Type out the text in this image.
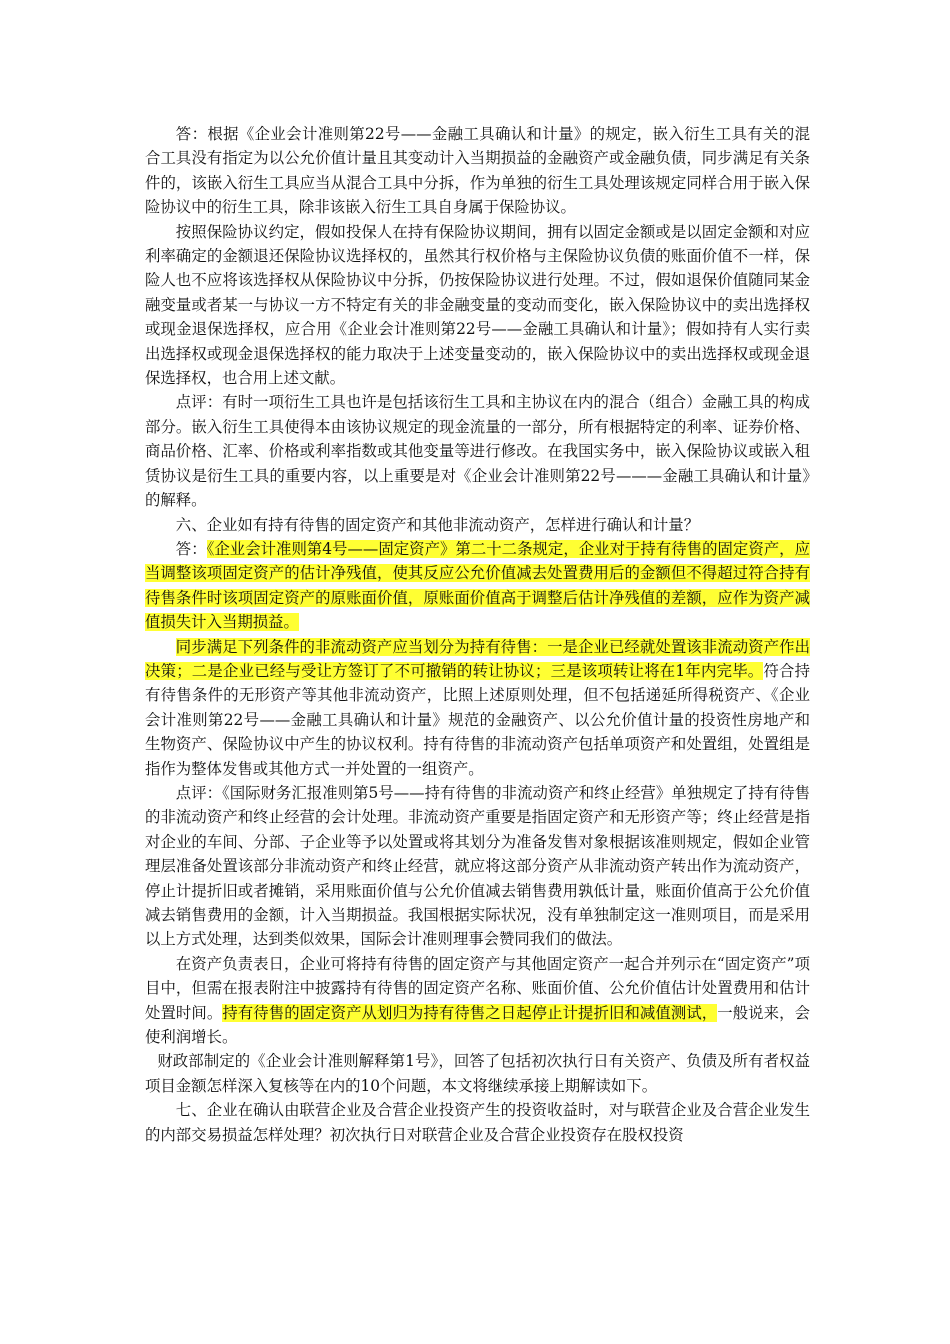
答：根据《企业会计准则第22号——金融工具确认和计量》的规定，嵌入衍生工具有关的混合工具没有指定为以公允价值计量且其变动计入当期损益的金融资产或金融负债，同步满足有关条件的，该嵌入衍生工具应当从混合工具中分拆，作为单独的衍生工具处理该规定同样合用于嵌入保险协议中的衍生工具，除非该嵌入衍生工具自身属于保险协议。

按照保险协议约定，假如投保人在持有保险协议期间，拥有以固定金额或是以固定金额和对应利率确定的金额退还保险协议选择权的，虽然其行权价格与主保险协议负债的账面价值不一样，保险人也不应将该选择权从保险协议中分拆，仍按保险协议进行处理。不过，假如退保价值随同某金融变量或者某一与协议一方不特定有关的非金融变量的变动而变化，嵌入保险协议中的卖出选择权或现金退保选择权，应合用《企业会计准则第22号——金融工具确认和计量》；假如持有人实行卖出选择权或现金退保选择权的能力取决于上述变量变动的，嵌入保险协议中的卖出选择权或现金退保选择权，也合用上述文献。

点评：有时一项衍生工具也许是包括该衍生工具和主协议在内的混合（组合）金融工具的构成部分。嵌入衍生工具使得本由该协议规定的现金流量的一部分，所有根据特定的利率、证券价格、商品价格、汇率、价格或利率指数或其他变量等进行修改。在我国实务中，嵌入保险协议或嵌入租赁协议是衍生工具的重要内容，以上重要是对《企业会计准则第22号———金融工具确认和计量》的解释。

六、企业如有持有待售的固定资产和其他非流动资产，怎样进行确认和计量？

答：《企业会计准则第4号——固定资产》第二十二条规定，企业对于持有待售的固定资产，应当调整该项固定资产的估计净残值，使其反应公允价值减去处置费用后的金额但不得超过符合持有待售条件时该项固定资产的原账面价值，原账面价值高于调整后估计净残值的差额，应作为资产减值损失计入当期损益。

同步满足下列条件的非流动资产应当划分为持有待售：一是企业已经就处置该非流动资产作出决策；二是企业已经与受让方签订了不可撤销的转让协议；三是该项转让将在1年内完毕。符合持有待售条件的无形资产等其他非流动资产，比照上述原则处理，但不包括递延所得税资产、《企业会计准则第22号——金融工具确认和计量》规范的金融资产、以公允价值计量的投资性房地产和生物资产、保险协议中产生的协议权利。持有待售的非流动资产包括单项资产和处置组，处置组是指作为整体发售或其他方式一并处置的一组资产。

点评：《国际财务汇报准则第5号——持有待售的非流动资产和终止经营》单独规定了持有待售的非流动资产和终止经营的会计处理。非流动资产重要是指固定资产和无形资产等；终止经营是指对企业的车间、分部、子企业等予以处置或将其划分为准备发售对象根据该准则规定，假如企业管理层准备处置该部分非流动资产和终止经营，就应将这部分资产从非流动资产转出作为流动资产，停止计提折旧或者摊销，采用账面价值与公允价值减去销售费用孰低计量，账面价值高于公允价值减去销售费用的金额，计入当期损益。我国根据实际状况，没有单独制定这一准则项目，而是采用以上方式处理，达到类似效果，国际会计准则理事会赞同我们的做法。

在资产负责表日，企业可将持有待售的固定资产与其他固定资产一起合并列示在“固定资产”项目中，但需在报表附注中披露持有待售的固定资产名称、账面价值、公允价值估计处置费用和估计处置时间。持有待售的固定资产从划归为持有待售之日起停止计提折旧和减值测试，一般说来，会使利润增长。

财政部制定的《企业会计准则解释第1号》，回答了包括初次执行日有关资产、负债及所有者权益项目金额怎样深入复核等在内的10个问题，本文将继续承接上期解读如下。

七、企业在确认由联营企业及合营企业投资产生的投资收益时，对与联营企业及合营企业发生的内部交易损益怎样处理？初次执行日对联营企业及合营企业投资存在股权投资
